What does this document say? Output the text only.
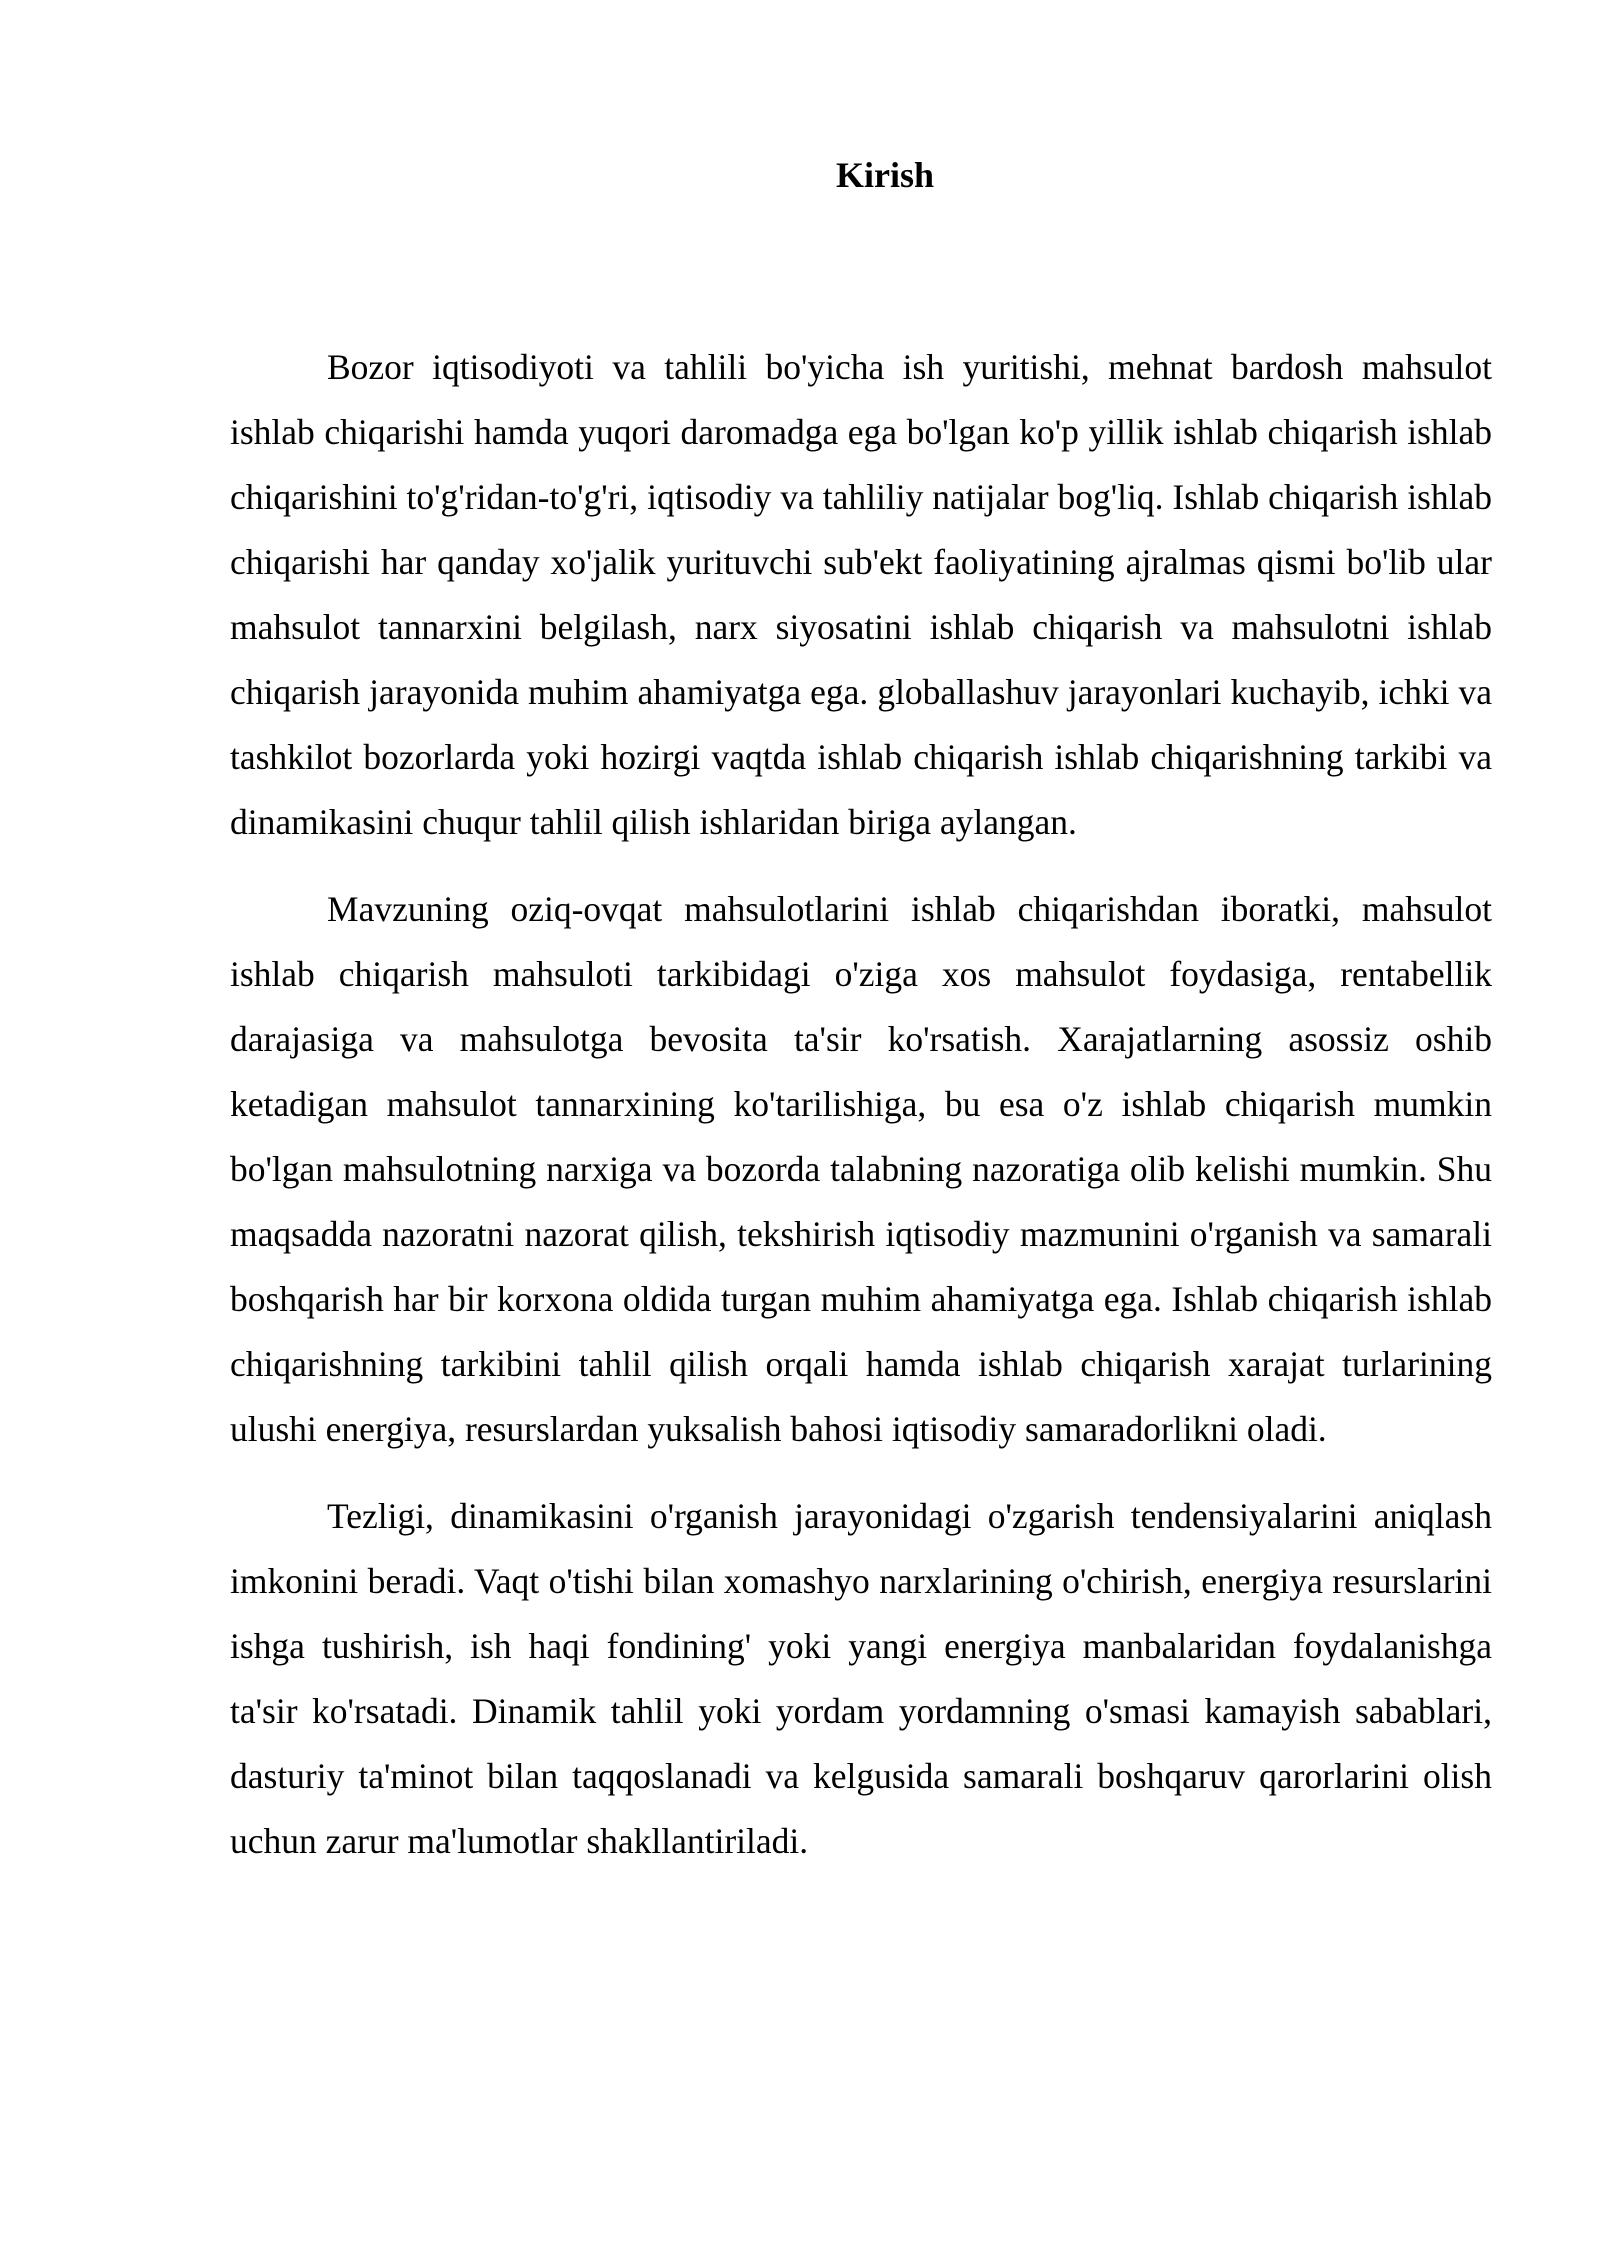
Kirish

Bozor iqtisodiyoti va tahlili bo'yicha ish yuritishi, mehnat bardosh mahsulot ishlab chiqarishi hamda yuqori daromadga ega bo'lgan ko'p yillik ishlab chiqarish ishlab chiqarishini to'g'ridan-to'g'ri, iqtisodiy va tahliliy natijalar bog'liq. Ishlab chiqarish ishlab chiqarishi har qanday xo'jalik yurituvchi sub'ekt faoliyatining ajralmas qismi bo'lib ular mahsulot tannarxini belgilash, narx siyosatini ishlab chiqarish va mahsulotni ishlab chiqarish jarayonida muhim ahamiyatga ega. globallashuv jarayonlari kuchayib, ichki va tashkilot bozorlarda yoki hozirgi vaqtda ishlab chiqarish ishlab chiqarishning tarkibi va dinamikasini chuqur tahlil qilish ishlaridan biriga aylangan.

Mavzuning oziq-ovqat mahsulotlarini ishlab chiqarishdan iboratki, mahsulot ishlab chiqarish mahsuloti tarkibidagi o'ziga xos mahsulot foydasiga, rentabellik darajasiga va mahsulotga bevosita ta'sir ko'rsatish. Xarajatlarning asossiz oshib ketadigan mahsulot tannarxining ko'tarilishiga, bu esa o'z ishlab chiqarish mumkin bo'lgan mahsulotning narxiga va bozorda talabning nazoratiga olib kelishi mumkin. Shu maqsadda nazoratni nazorat qilish, tekshirish iqtisodiy mazmunini o'rganish va samarali boshqarish har bir korxona oldida turgan muhim ahamiyatga ega. Ishlab chiqarish ishlab chiqarishning tarkibini tahlil qilish orqali hamda ishlab chiqarish xarajat turlarining ulushi energiya, resurslardan yuksalish bahosi iqtisodiy samaradorlikni oladi.

Tezligi, dinamikasini o'rganish jarayonidagi o'zgarish tendensiyalarini aniqlash imkonini beradi. Vaqt o'tishi bilan xomashyo narxlarining o'chirish, energiya resurslarini ishga tushirish, ish haqi fondining' yoki yangi energiya manbalaridan foydalanishga ta'sir ko'rsatadi. Dinamik tahlil yoki yordam yordamning o'smasi kamayish sabablari, dasturiy ta'minot bilan taqqoslanadi va kelgusida samarali boshqaruv qarorlarini olish uchun zarur ma'lumotlar shakllantiriladi.
